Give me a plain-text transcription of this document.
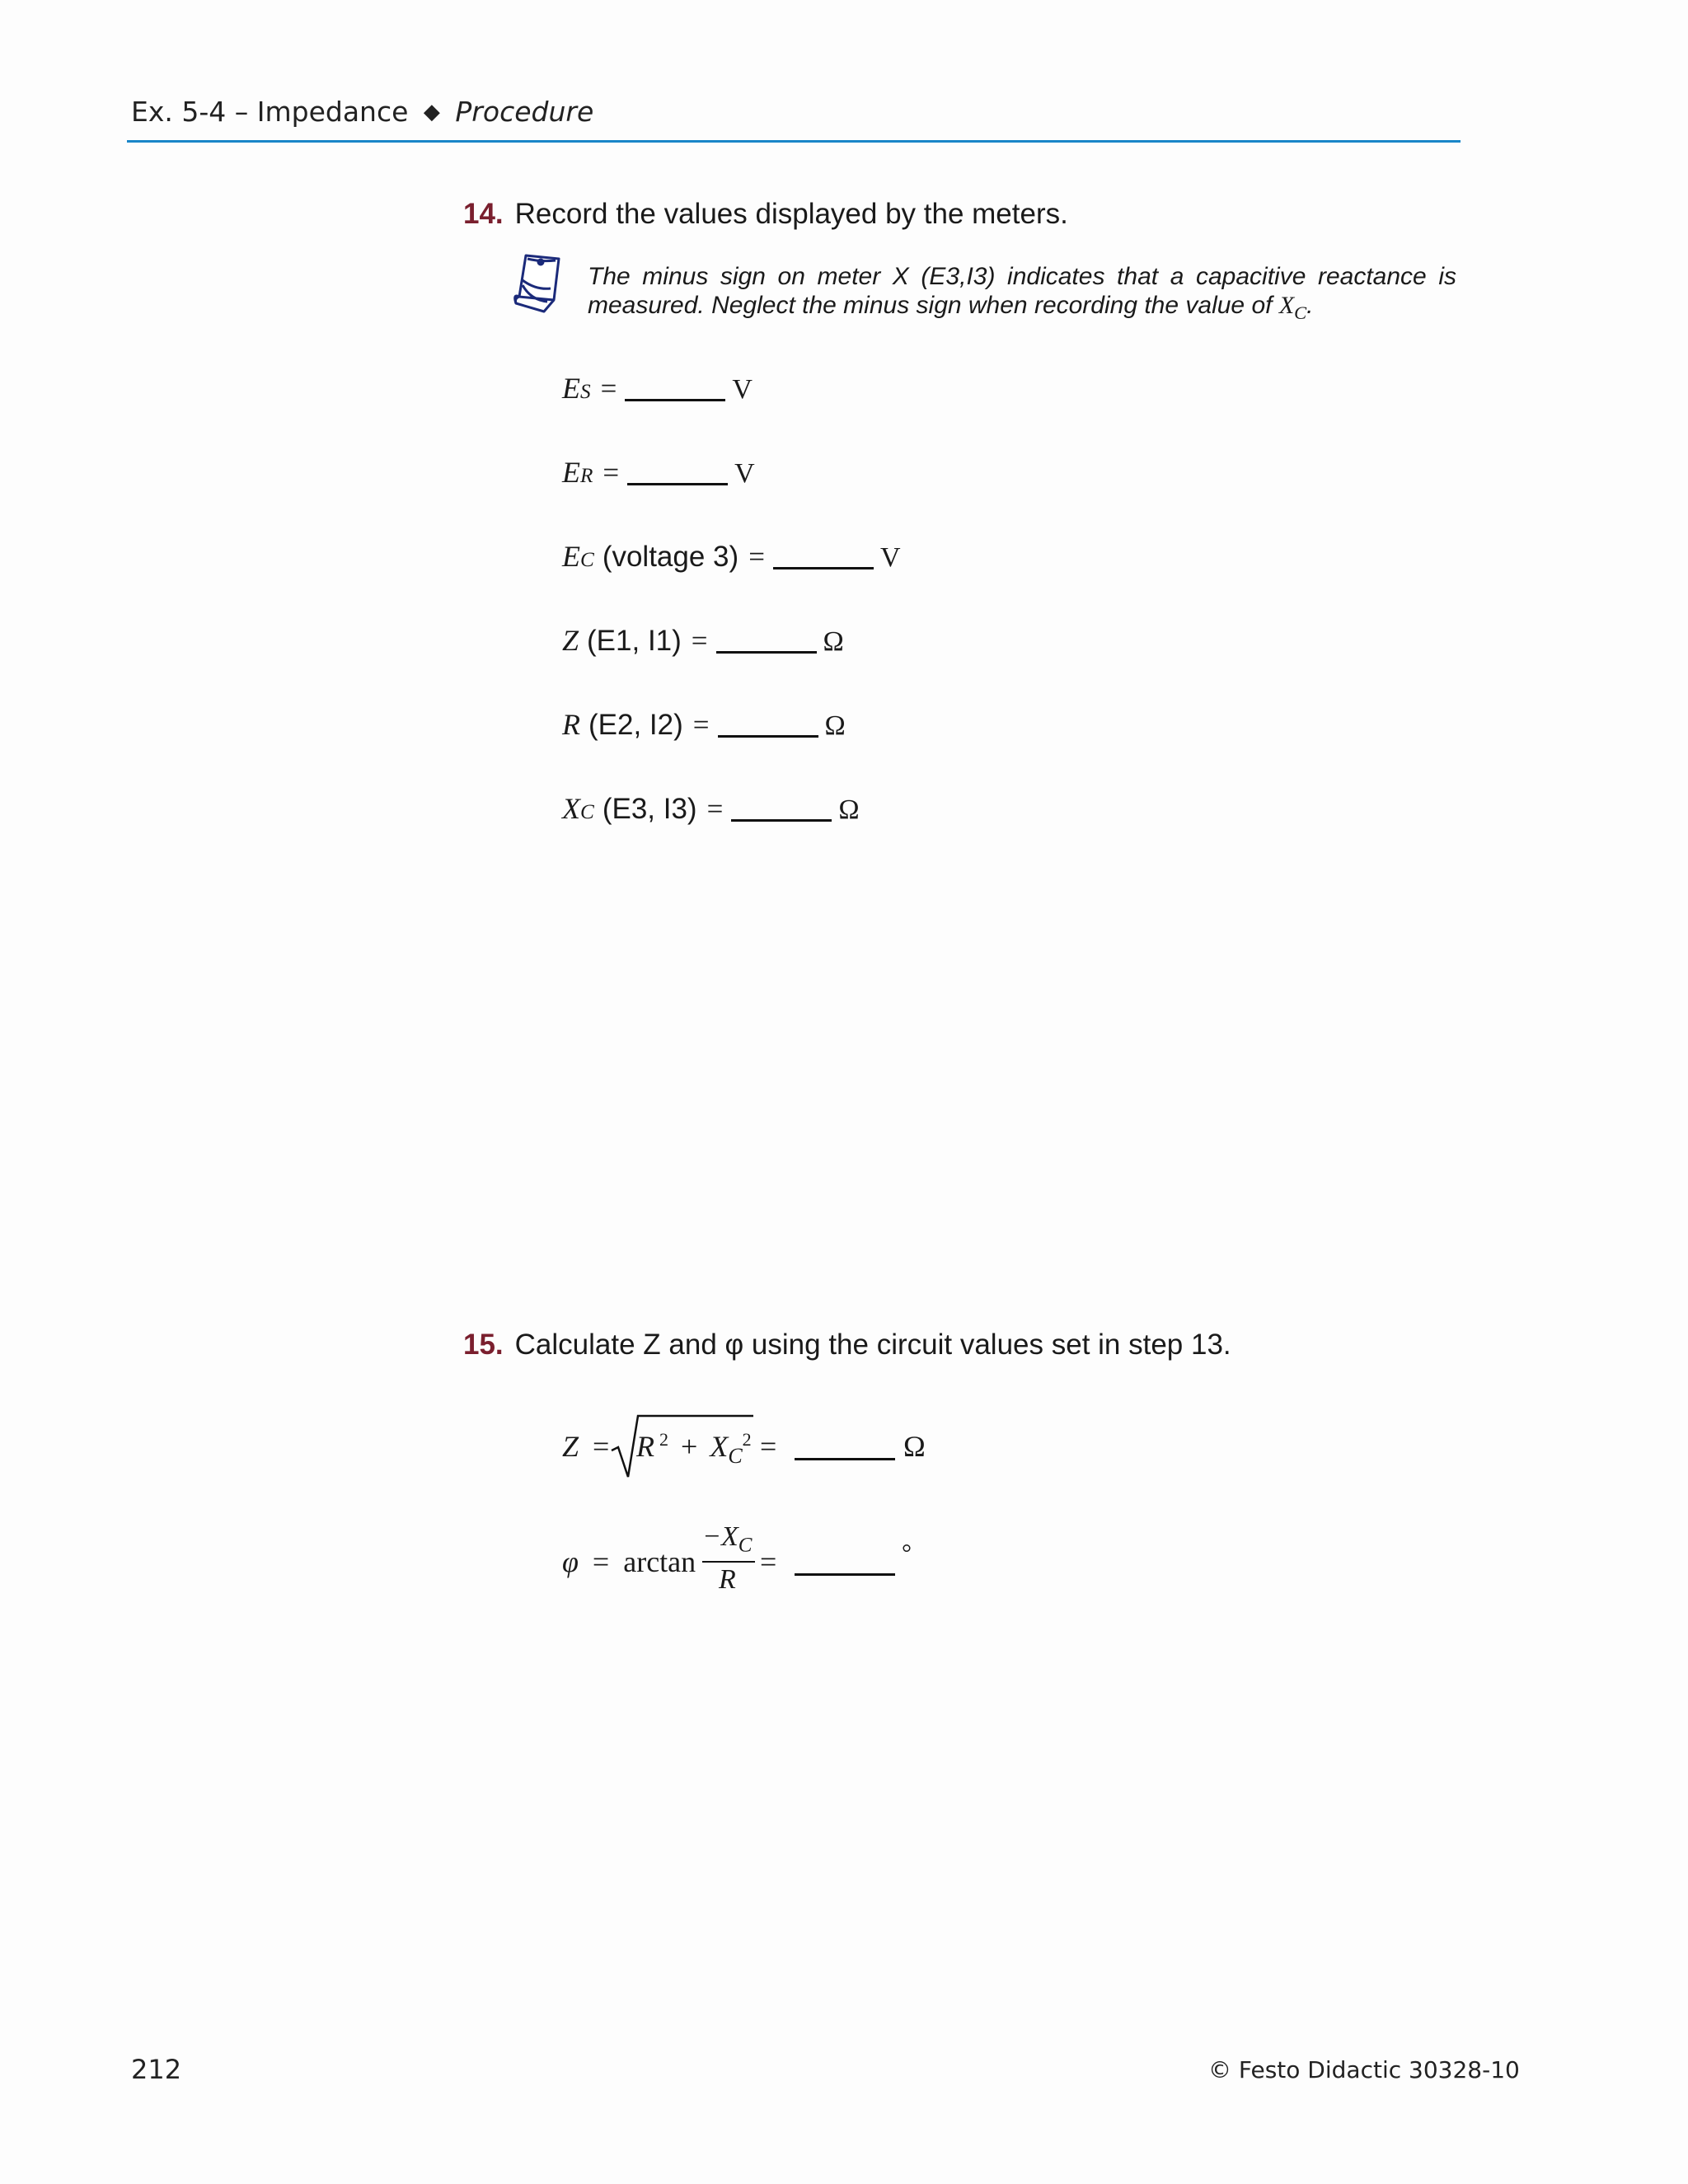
Ex. 5-4 – Impedance ◆ Procedure
14. Record the values displayed by the meters.
The minus sign on meter X (E3,I3) indicates that a capacitive reactance is measured. Neglect the minus sign when recording the value of $X_C$.
E S =	V
E R =	V
E C (voltage 3) =	V
Z (E1, I1) =	Ω
R (E2, I2) =	Ω
X C (E3, I3) =	Ω
15. Calculate Z and φ using the circuit values set in step 13.
Z = R $^2 + X_C^2$ =	Ω
φ = arctan
$-X_C$
R
=	°
212	© Festo Didactic 30328-10
